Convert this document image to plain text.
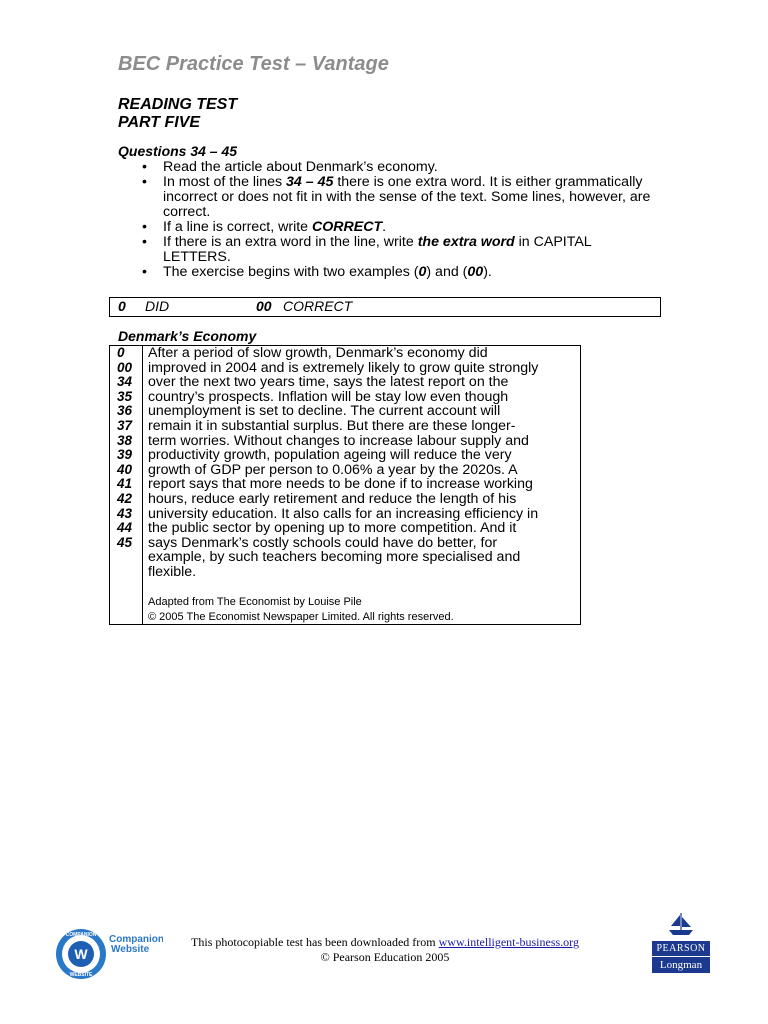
BEC Practice Test – Vantage
READING TEST
PART FIVE
Questions 34 – 45
• Read the article about Denmark’s economy.
• In most of the lines 34 – 45 there is one extra word. It is either grammatically incorrect or does not fit in with the sense of the text. Some lines, however, are correct.
• If a line is correct, write CORRECT.
• If there is an extra word in the line, write the extra word in CAPITAL LETTERS.
• The exercise begins with two examples (0) and (00).
0 DID	00 CORRECT
Denmark’s Economy
0
00
34
35
36
37
38
39
40
41
42
43
44
45
After a period of slow growth, Denmark’s economy did
improved in 2004 and is extremely likely to grow quite strongly
over the next two years time, says the latest report on the
country’s prospects. Inflation will be stay low even though
unemployment is set to decline. The current account will
remain it in substantial surplus. But there are these longer-
term worries. Without changes to increase labour supply and
productivity growth, population ageing will reduce the very
growth of GDP per person to 0.06% a year by the 2020s. A
report says that more needs to be done if to increase working
hours, reduce early retirement and reduce the length of his
university education. It also calls for an increasing efficiency in
the public sector by opening up to more competition. And it
says Denmark’s costly schools could have do better, for
example, by such teachers becoming more specialised and
flexible.
Adapted from The Economist by Louise Pile
© 2005 The Economist Newspaper Limited. All rights reserved.
W
COMPANION
WEBSITE
Companion
Website
This photocopiable test has been downloaded from www.intelligent-business.org
© Pearson Education 2005
PEARSON
Longman
